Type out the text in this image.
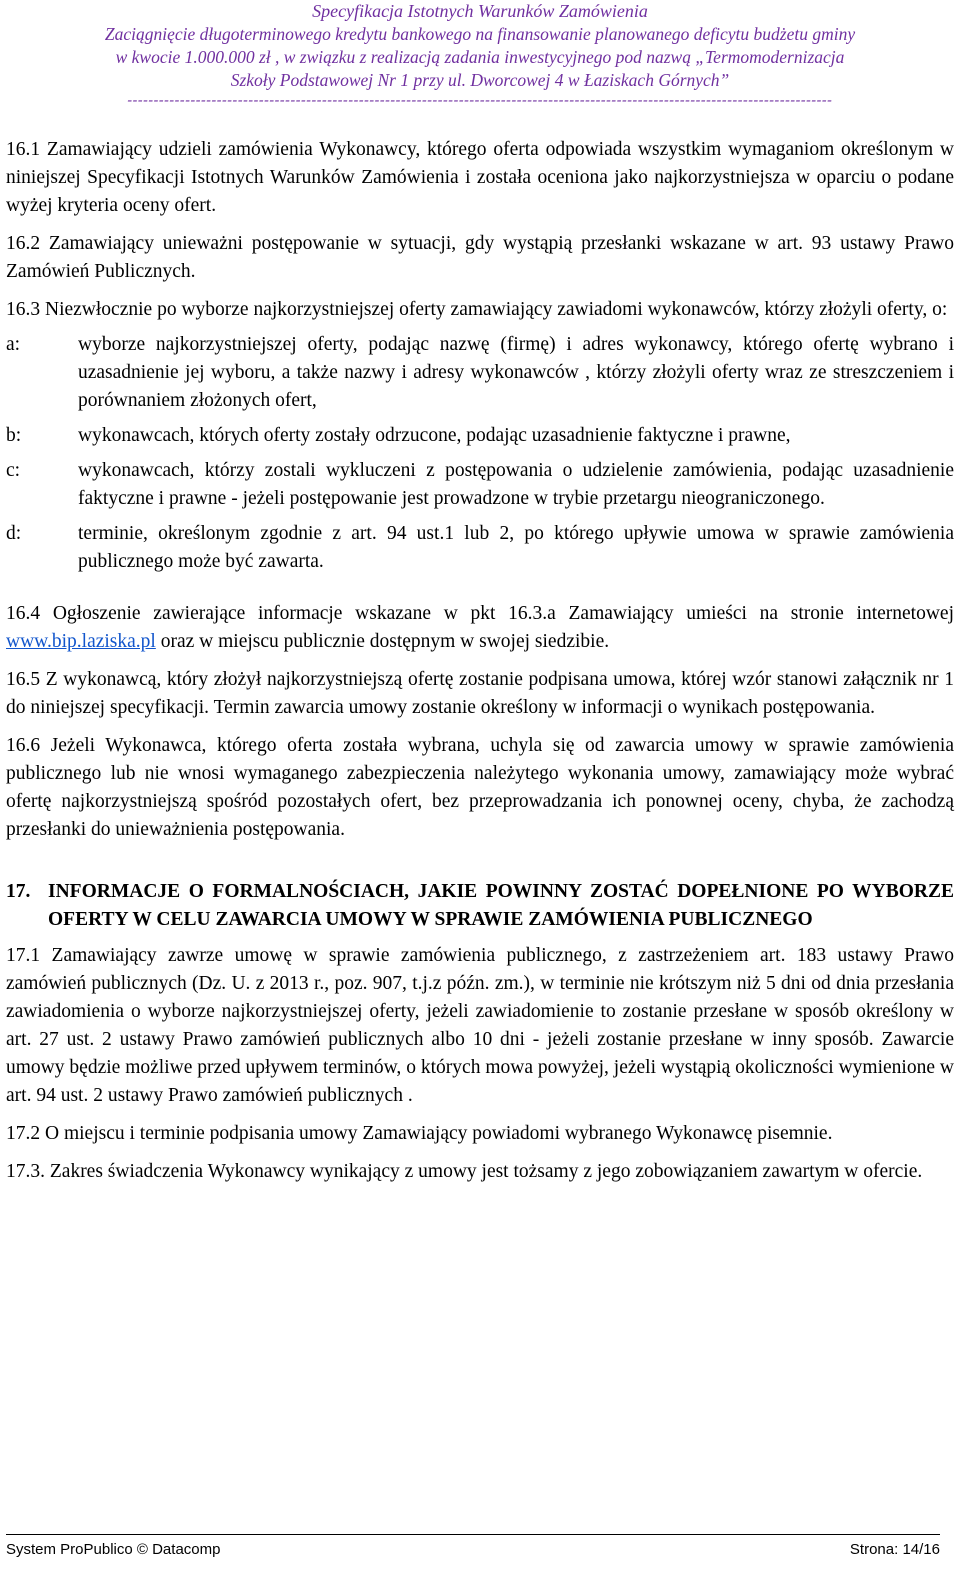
Specyfikacja Istotnych Warunków Zamówienia
Zaciągnięcie długoterminowego kredytu bankowego na finansowanie planowanego deficytu budżetu gminy
w kwocie 1.000.000 zł , w związku z realizacją zadania inwestycyjnego pod nazwą „Termomodernizacja
Szkoły Podstawowej Nr 1 przy ul. Dworcowej 4 w Łaziskach Górnych”
--------------------------------------------------------------------------------------------------------------------------------------

16.1 Zamawiający udzieli zamówienia Wykonawcy, którego oferta odpowiada wszystkim wymaganiom określonym w niniejszej Specyfikacji Istotnych Warunków Zamówienia i została oceniona jako najkorzystniejsza w oparciu o podane wyżej kryteria oceny ofert.

16.2 Zamawiający unieważni postępowanie w sytuacji, gdy wystąpią przesłanki wskazane w art. 93 ustawy Prawo Zamówień Publicznych.

16.3 Niezwłocznie po wyborze najkorzystniejszej oferty zamawiający zawiadomi wykonawców, którzy złożyli oferty, o:

a:	wyborze najkorzystniejszej oferty, podając nazwę (firmę) i adres wykonawcy, którego ofertę wybrano i uzasadnienie jej wyboru, a także nazwy i adresy wykonawców , którzy złożyli oferty wraz ze streszczeniem i porównaniem złożonych ofert,
b:	wykonawcach, których oferty zostały odrzucone, podając uzasadnienie faktyczne i prawne,
c:	wykonawcach, którzy zostali wykluczeni z postępowania o udzielenie zamówienia, podając uzasadnienie faktyczne i prawne - jeżeli postępowanie jest prowadzone w trybie przetargu nieograniczonego.
d:	terminie, określonym zgodnie z art. 94 ust.1 lub 2, po którego upływie umowa w sprawie zamówienia publicznego może być zawarta.

16.4 Ogłoszenie zawierające informacje wskazane w pkt 16.3.a Zamawiający umieści na stronie internetowej www.bip.laziska.pl oraz w miejscu publicznie dostępnym w swojej siedzibie.

16.5 Z wykonawcą, który złożył najkorzystniejszą ofertę zostanie podpisana umowa, której wzór stanowi załącznik nr 1 do niniejszej specyfikacji. Termin zawarcia umowy zostanie określony w informacji o wynikach postępowania.

16.6 Jeżeli Wykonawca, którego oferta została wybrana, uchyla się od zawarcia umowy w sprawie zamówienia publicznego lub nie wnosi wymaganego zabezpieczenia należytego wykonania umowy, zamawiający może wybrać ofertę najkorzystniejszą spośród pozostałych ofert, bez przeprowadzania ich ponownej oceny, chyba, że zachodzą przesłanki do unieważnienia postępowania.

17. INFORMACJE O FORMALNOŚCIACH, JAKIE POWINNY ZOSTAĆ DOPEŁNIONE PO WYBORZE OFERTY W CELU ZAWARCIA UMOWY W SPRAWIE ZAMÓWIENIA PUBLICZNEGO

17.1 Zamawiający zawrze umowę w sprawie zamówienia publicznego, z zastrzeżeniem art. 183 ustawy Prawo zamówień publicznych (Dz. U. z 2013 r., poz. 907, t.j.z późn. zm.), w terminie nie krótszym niż 5 dni od dnia przesłania zawiadomienia o wyborze najkorzystniejszej oferty, jeżeli zawiadomienie to zostanie przesłane w sposób określony w art. 27 ust. 2 ustawy Prawo zamówień publicznych albo 10 dni - jeżeli zostanie przesłane w inny sposób. Zawarcie umowy będzie możliwe przed upływem terminów, o których mowa powyżej, jeżeli wystąpią okoliczności wymienione w art. 94 ust. 2 ustawy Prawo zamówień publicznych .

17.2 O miejscu i terminie podpisania umowy Zamawiający powiadomi wybranego Wykonawcę pisemnie.

17.3. Zakres świadczenia Wykonawcy wynikający z umowy jest tożsamy z jego zobowiązaniem zawartym w ofercie.

System ProPublico © Datacomp	Strona: 14/16
